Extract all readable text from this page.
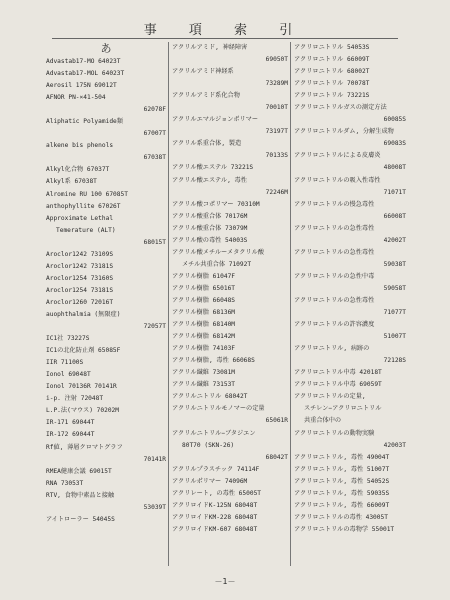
事 項 索 引
あ
Advastab17-MO 64023T
Advastab17-MOL 64023T
Aerosil 175N 69012T
AFNOR PN-×41-504
62078F
Aliphatic Polyamide類
67007T
alkene bis phenols
67038T
Alkyl化合物 67037T
Alkyl系 67038T
Alromine RU 100 67085T
anthophyllite 67026T
Approximate Lethal
Temerature (ALT)
68015T
Aroclor1242 73109S
Aroclor1242 73181S
Aroclor1254 73160S
Aroclor1254 73181S
Aroclor1260 72016T
auophthalmia (無限症)
72057T
IC1社 73227S
IC1の北化防止剤 65085F
IIR 71100S
Ionol 69048T
Ionol 70136R 70141R
i-p. 注射 72048T
L.P.法(マウス) 70202M
IR-171 69044T
IR-172 69044T
Rf値, 薄層クロマトグラフ
70141R
RMEA健康会議 69015T
RNA 73053T
RTV, 食物中素品と接触
53039T
アイトローラー 54045S
アクリルアミド, 神経障害
69050T
アクリルアミド神経系
73289M
アクリルアミド系化合物
70010T
アクリルエマルジョンポリマー
73197T
アクリル系重合体, 製造
70133S
アクリル酸エステル 73221S
アクリル酸エステル, 毒性
72246M
アクリル酸コポリマー 70310M
アクリル酸重合体 70176M
アクリル酸重合体 73079M
アクリル酸の毒性 54003S
アクリル酸メチルーメタクリル酸
メチル共重合体 71092T
アクリル樹脂 61047F
アクリル樹脂 65016T
アクリル樹脂 66048S
アクリル樹脂 68136M
アクリル樹脂 68140M
アクリル樹脂 68142M
アクリル樹脂 74103F
アクリル樹脂, 毒性 66068S
アクリル繊維 73081M
アクリル繊維 73153T
アクリルニトリル 68042T
アクリルニトリルモノマーの定量
65061R
アクリルニトリル−ブタジエン
80T70 (SKN-26)
68042T
アクリルプラスチック 74114F
アクリルポリマー 74096M
アクリレート, の毒性 65005T
アクリロイドK-125N 68048T
アクリロイドKM-228 68048T
アクリロイドKM-607 68048T
アクリロニトリル 54053S
アクリロニトリル 66009T
アクリロニトリル 68002T
アクリロニトリル 70078T
アクリロニトリル 73221S
アクリロニトリルガスの測定方法
60085S
アクリロニトリルダム, 分解生成物
69083S
アクリロニトリルによる皮膚炎
48008T
アクリロニトリルの吸入性毒性
71071T
アクリロニトリルの慢急毒性
66008T
アクリロニトリルの急性毒性
42002T
アクリロニトリルの急性毒性
59038T
アクリロニトリルの急性中毒
59058T
アクリロニトリルの急性毒性
71077T
アクリロニトリルの許容濃度
51007T
アクリロニトリル, 病跡の
72128S
アクリロニトリル中毒 42018T
アクリロニトリル中毒 69059T
アクリロニトリルの定量,
スチレン−アクリロニトリル
共重合体中の
アクリロニトリルの動物実験
42003T
アクリロニトリル, 毒性 49004T
アクリロニトリル, 毒性 51007T
アクリロニトリル, 毒性 54052S
アクリロニトリル, 毒性 59035S
アクリロニトリル, 毒性 66009T
アクリロニトリルの毒性 43005T
アクリロニトリルの毒物学 55001T
－1－
